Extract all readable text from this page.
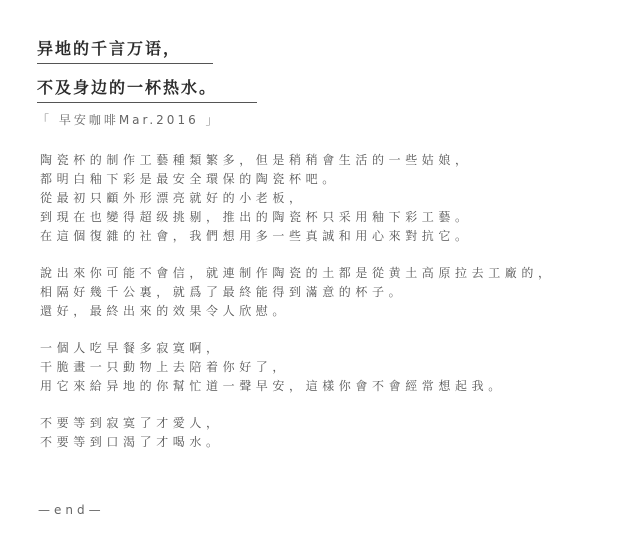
异地的千言万语，
不及身边的一杯热水。
「 早安咖啡Mar.2016 」
陶瓷杯的制作工藝種類繁多，但是稍稍會生活的一些姑娘，
都明白釉下彩是最安全環保的陶瓷杯吧。
從最初只顧外形漂亮就好的小老板，
到現在也變得超级挑剔，推出的陶瓷杯只采用釉下彩工藝。
在這個復雜的社會，我們想用多一些真誠和用心來對抗它。
說出來你可能不會信，就連制作陶瓷的土都是從黄土高原拉去工廠的，
相隔好幾千公裏，就爲了最終能得到滿意的杯子。
還好，最終出來的效果令人欣慰。
一個人吃早餐多寂寞啊，
干脆畫一只動物上去陪着你好了，
用它來給异地的你幫忙道一聲早安，這樣你會不會經常想起我。
不要等到寂寞了才愛人，
不要等到口渴了才喝水。
—end—
